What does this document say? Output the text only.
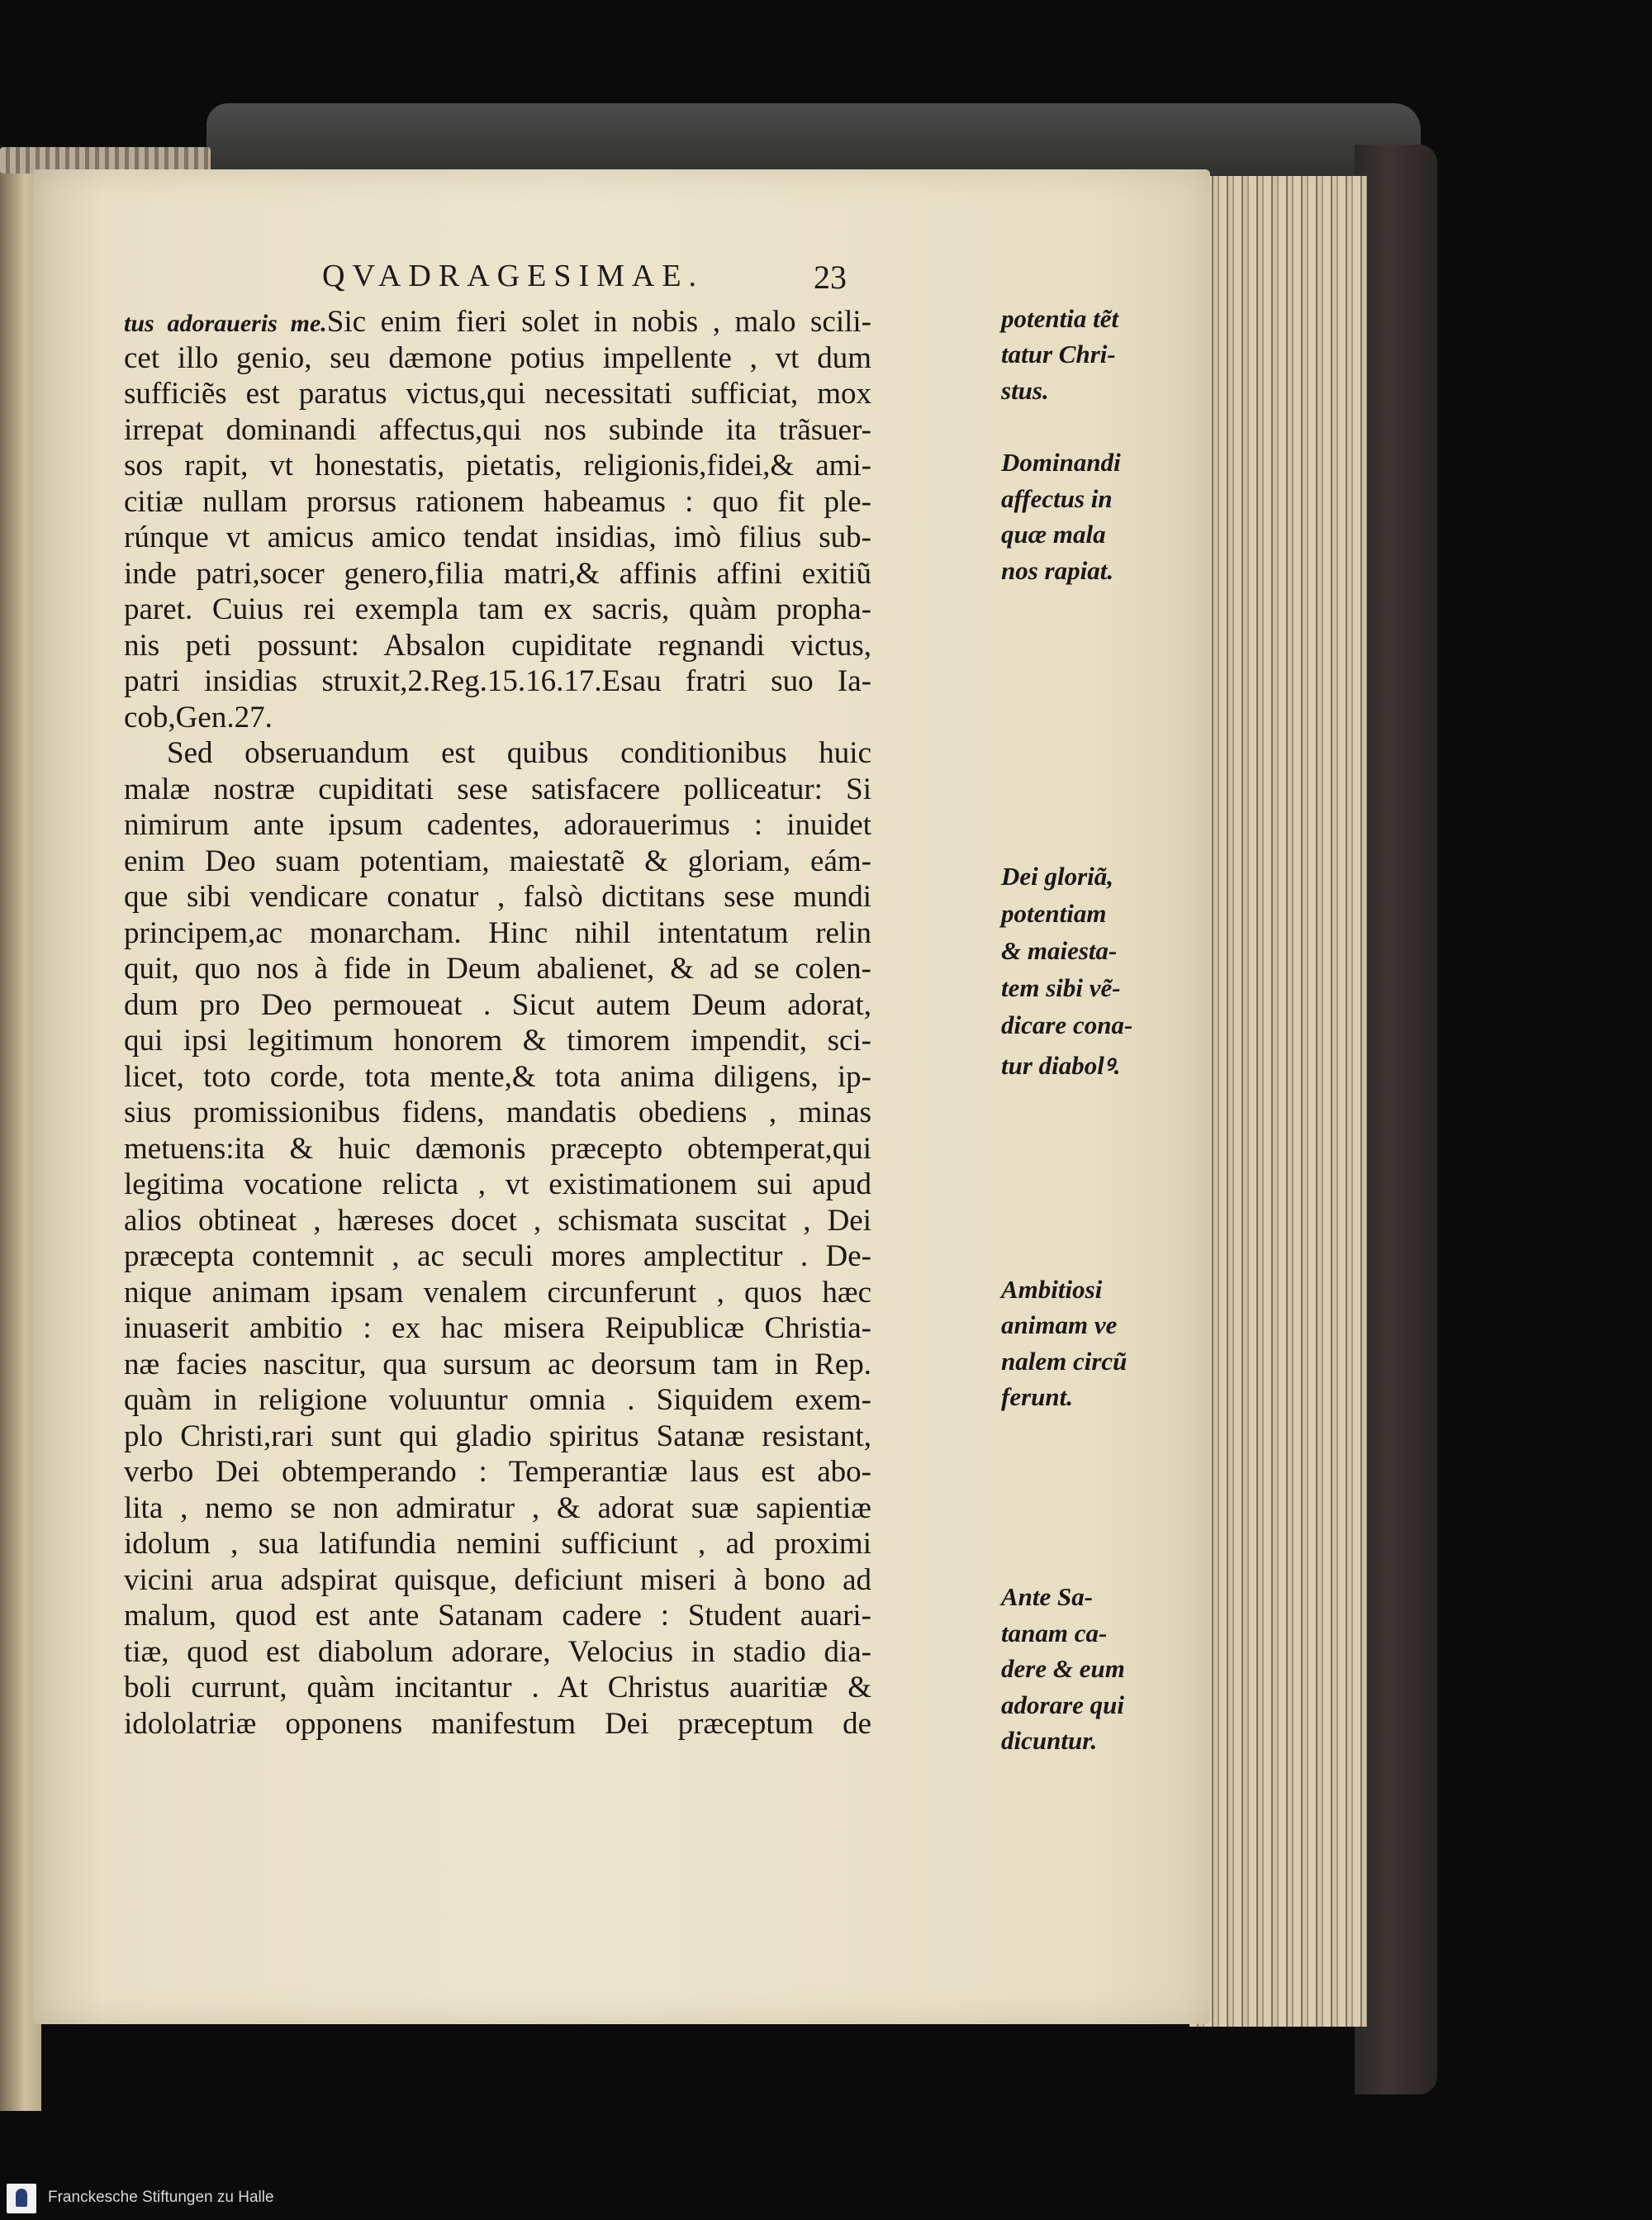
QVADRAGESIMAE.	23
tus adoraueris me.Sic enim fieri solet in nobis , malo scili-
cet illo genio, seu dæmone potius impellente , vt dum
sufficiẽs est paratus victus,qui necessitati sufficiat, mox
irrepat dominandi affectus,qui nos subinde ita trãsuer-
sos rapit, vt honestatis, pietatis, religionis,fidei,& ami-
citiæ nullam prorsus rationem habeamus : quo fit ple-
rúnque vt amicus amico tendat insidias, imò filius sub-
inde patri,socer genero,filia matri,& affinis affini exitiũ
paret. Cuius rei exempla tam ex sacris, quàm propha-
nis peti possunt: Absalon cupiditate regnandi victus,
patri insidias struxit,2.Reg.15.16.17.Esau fratri suo Ia-
cob,Gen.27.
Sed obseruandum est quibus conditionibus huic
malæ nostræ cupiditati sese satisfacere polliceatur: Si
nimirum ante ipsum cadentes, adorauerimus : inuidet
enim Deo suam potentiam, maiestatẽ & gloriam, eám-
que sibi vendicare conatur , falsò dictitans sese mundi
principem,ac monarcham. Hinc nihil intentatum relin
quit, quo nos à fide in Deum abalienet, & ad se colen-
dum pro Deo permoueat . Sicut autem Deum adorat,
qui ipsi legitimum honorem & timorem impendit, sci-
licet, toto corde, tota mente,& tota anima diligens, ip-
sius promissionibus fidens, mandatis obediens , minas
metuens:ita & huic dæmonis præcepto obtemperat,qui
legitima vocatione relicta , vt existimationem sui apud
alios obtineat , hæreses docet , schismata suscitat , Dei
præcepta contemnit , ac seculi mores amplectitur . De-
nique animam ipsam venalem circunferunt , quos hæc
inuaserit ambitio : ex hac misera Reipublicæ Christia-
næ facies nascitur, qua sursum ac deorsum tam in Rep.
quàm in religione voluuntur omnia . Siquidem exem-
plo Christi,rari sunt qui gladio spiritus Satanæ resistant,
verbo Dei obtemperando : Temperantiæ laus est abo-
lita , nemo se non admiratur , & adorat suæ sapientiæ
idolum , sua latifundia nemini sufficiunt , ad proximi
vicini arua adspirat quisque, deficiunt miseri à bono ad
malum, quod est ante Satanam cadere : Student auari-
tiæ, quod est diabolum adorare, Velocius in stadio dia-
boli currunt, quàm incitantur . At Christus auaritiæ &
idololatriæ opponens manifestum Dei præceptum de
potentia tẽt
tatur Chri-
stus.
Dominandi
affectus in
quæ mala
nos rapiat.
Dei gloriã,
potentiam
& maiesta-
tem sibi vẽ-
dicare cona-
tur diabolꝰ.
Ambitiosi
animam ve
nalem circũ
ferunt.
Ante Sa-
tanam ca-
dere & eum
adorare qui
dicuntur.
Franckesche Stiftungen zu Halle
